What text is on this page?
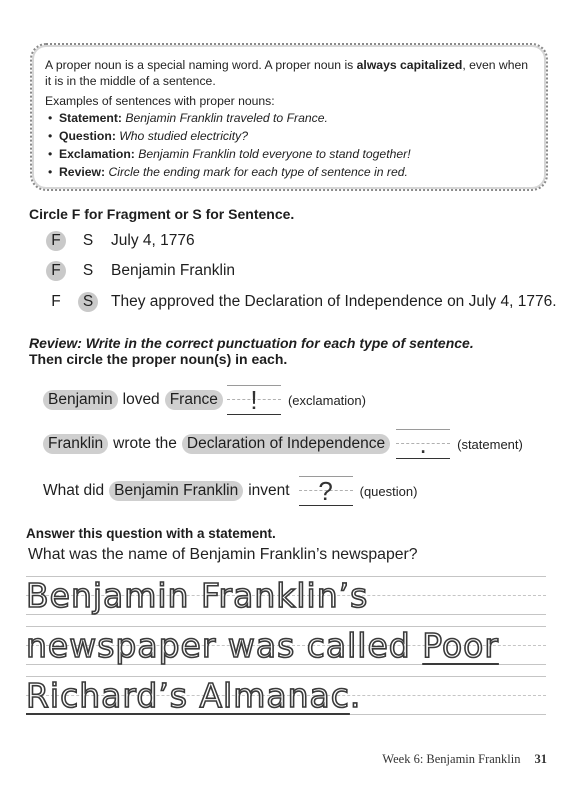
A proper noun is a special naming word. A proper noun is always capitalized, even when it is in the middle of a sentence.

Examples of sentences with proper nouns:

• Statement: Benjamin Franklin traveled to France.
• Question: Who studied electricity?
• Exclamation: Benjamin Franklin told everyone to stand together!
• Review: Circle the ending mark for each type of sentence in red.
Circle F for Fragment or S for Sentence.
F	S	July 4, 1776
F	S	Benjamin Franklin
F	S	They approved the Declaration of Independence on July 4, 1776.
Review: Write in the correct punctuation for each type of sentence.
Then circle the proper noun(s) in each.
Benjamin loved France	!	(exclamation)
Franklin wrote the Declaration of Independence	.	(statement)
What did Benjamin Franklin invent	?	(question)
Answer this question with a statement.
What was the name of Benjamin Franklin’s newspaper?
Benjamin Franklin’s
newspaper was called Poor
Richard’s Almanac.
Week 6: Benjamin Franklin 31
